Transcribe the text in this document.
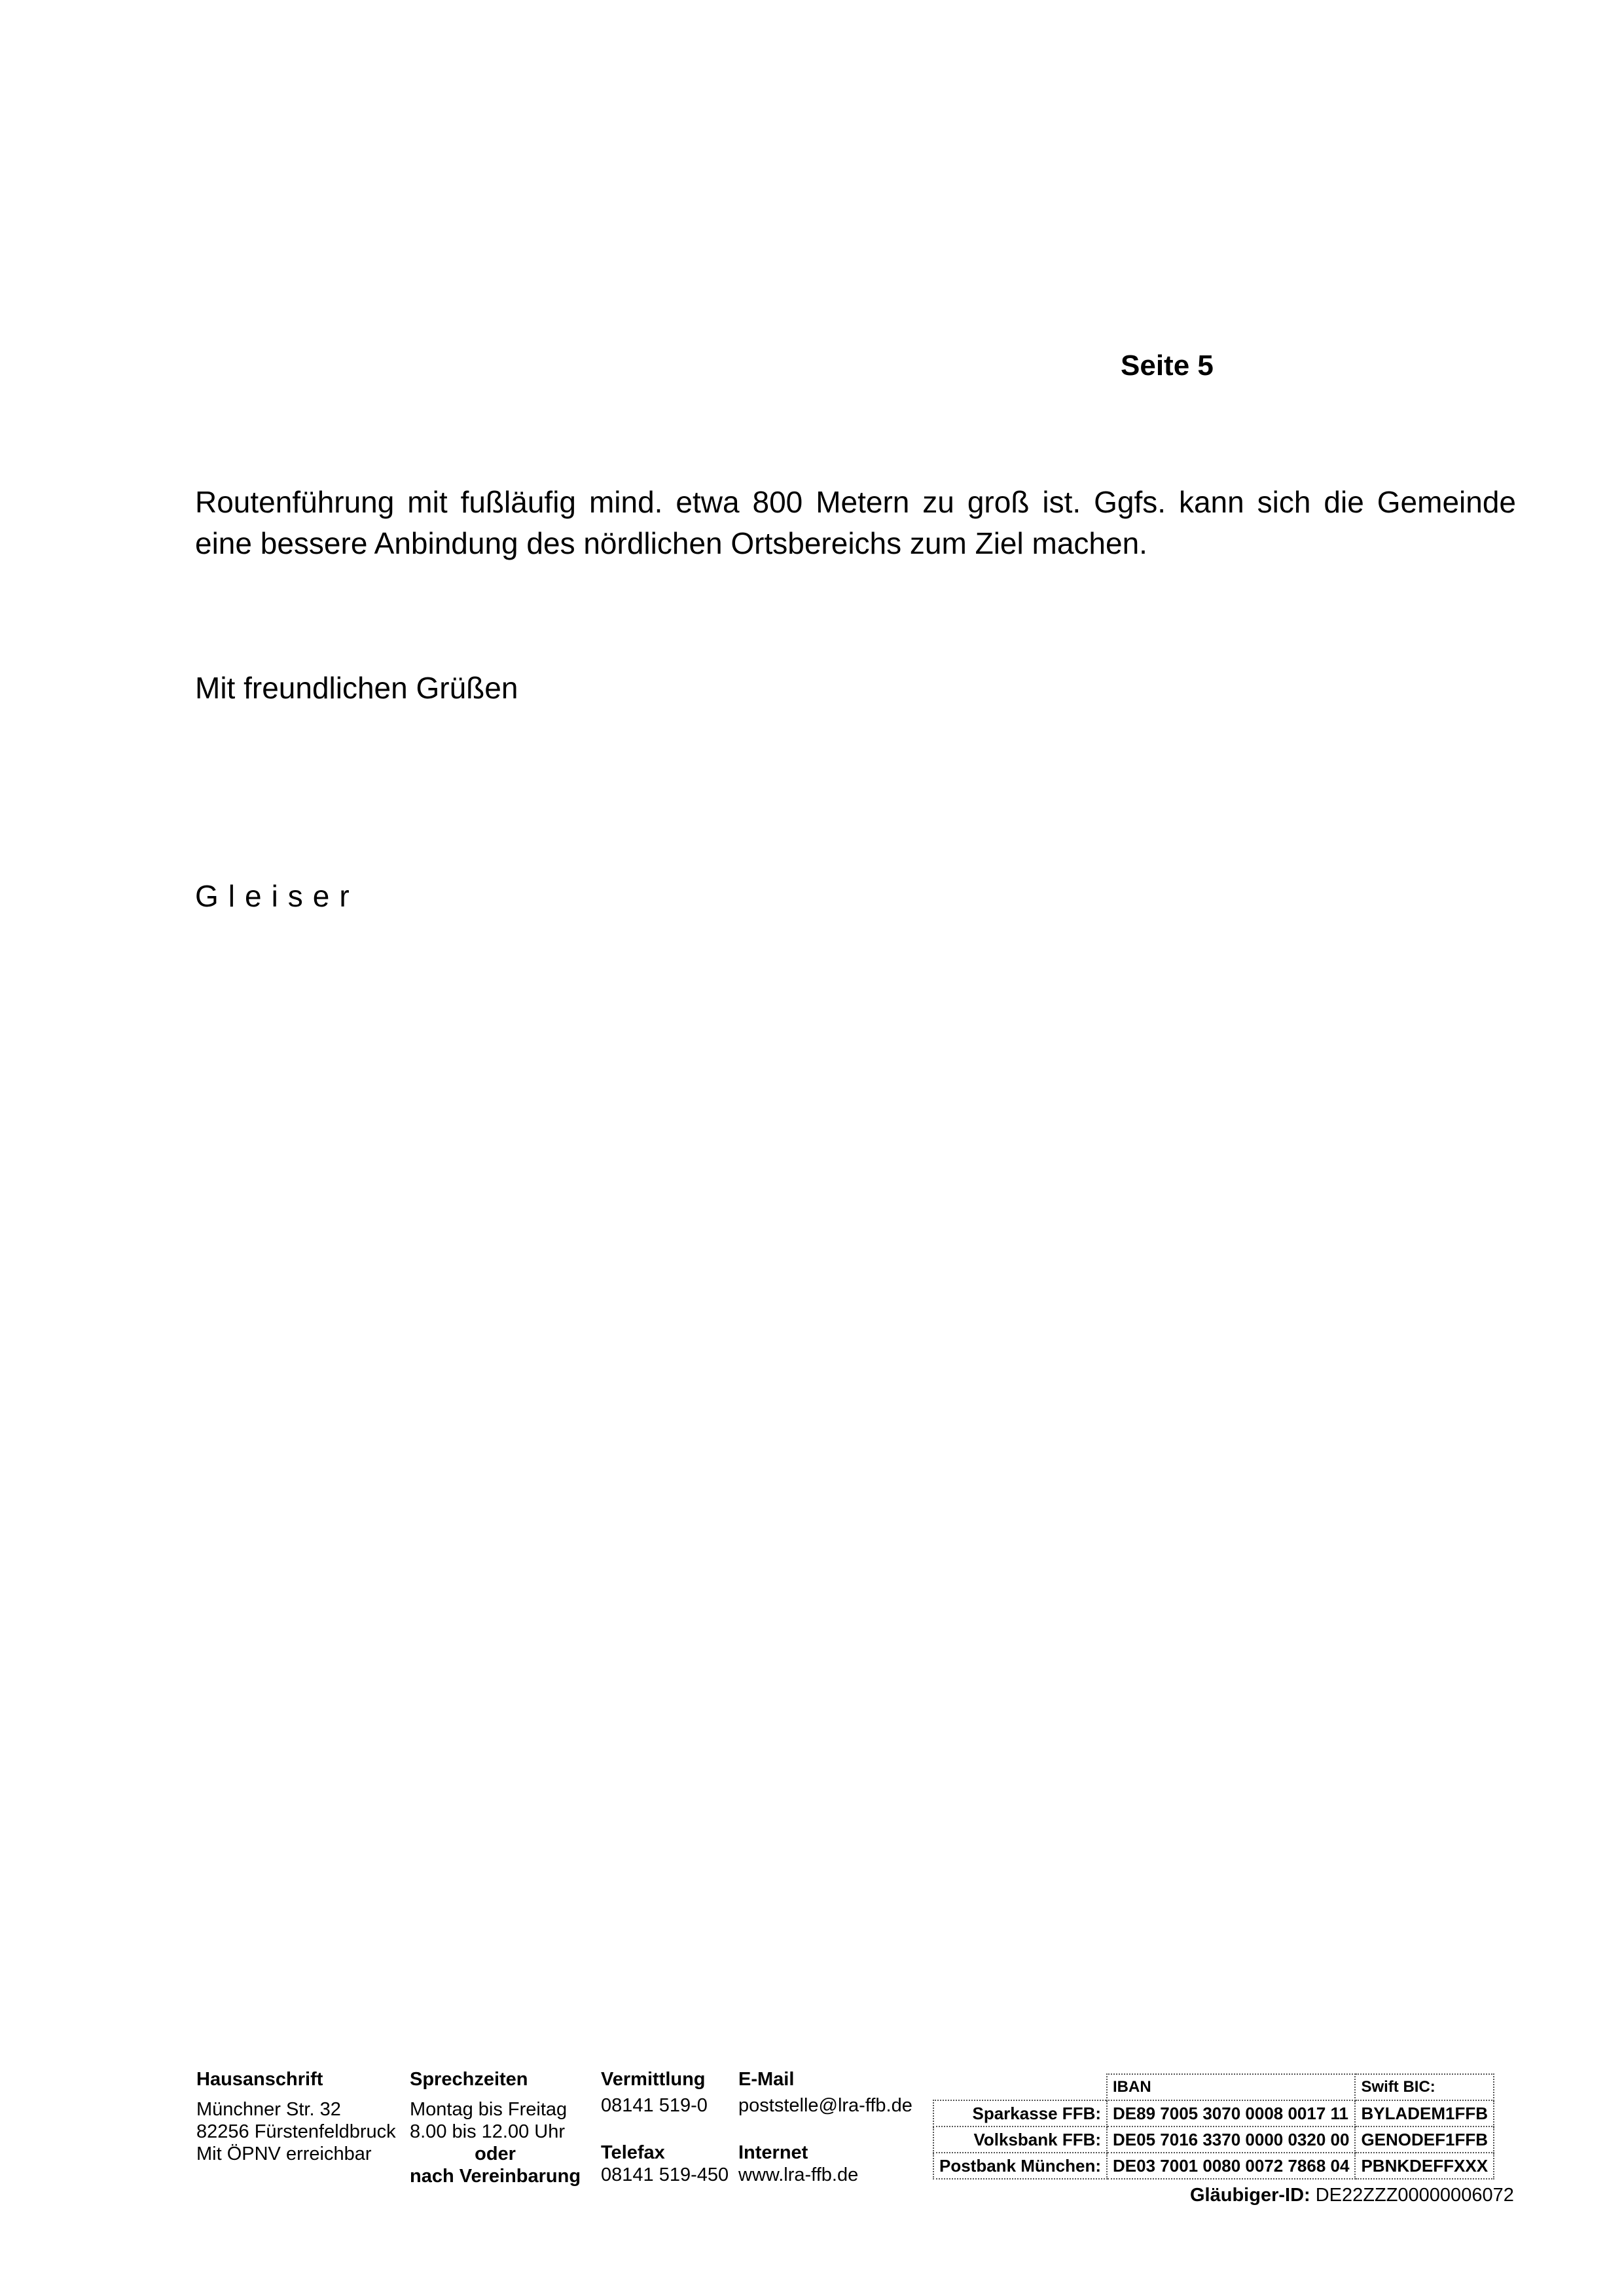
Seite 5
Routenführung mit fußläufig mind. etwa 800 Metern zu groß ist. Ggfs. kann sich die Gemeinde
eine bessere Anbindung des nördlichen Ortsbereichs zum Ziel machen.
Mit freundlichen Grüßen
Gleiser
Hausanschrift
Münchner Str. 32
82256 Fürstenfeldbruck
Mit ÖPNV erreichbar
Sprechzeiten
Montag bis Freitag
8.00 bis 12.00 Uhr
oder
nach Vereinbarung
Vermittlung
08141 519-0
Telefax
08141 519-450
E-Mail
poststelle@lra-ffb.de
Internet
www.lra-ffb.de
	IBAN	Swift BIC:
Sparkasse FFB:	DE89 7005 3070 0008 0017 11	BYLADEM1FFB
Volksbank FFB:	DE05 7016 3370 0000 0320 00	GENODEF1FFB
Postbank München:	DE03 7001 0080 0072 7868 04	PBNKDEFFXXX
Gläubiger-ID: DE22ZZZ00000006072
